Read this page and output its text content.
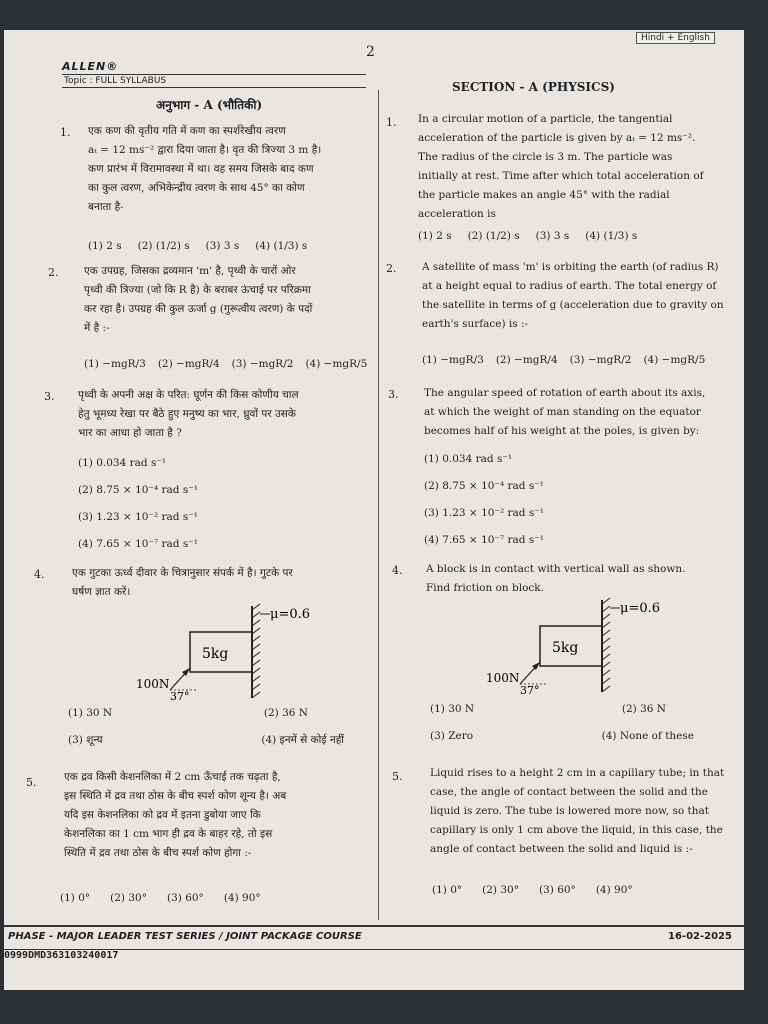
Hindi + English
2
ALLEN®
Topic : FULL SYLLABUS
अनुभाग - A (भौतिकी)
SECTION - A (PHYSICS)
1. एक कण की वृतीय गति में कण का स्पर्शरेखीय त्वरण
aₜ = 12 ms⁻² द्वारा दिया जाता है। वृत की त्रिज्या 3 m है।
कण प्रारंभ में विरामावस्था में था। वह समय जिसके बाद कण
का कुल त्वरण, अभिकेन्द्रीय त्वरण के साथ 45° का कोण
बनाता है-
(1) 2 s (2) (1/2) s (3) 3 s (4) (1/3) s
1. In a circular motion of a particle, the tangential
acceleration of the particle is given by aₜ = 12 ms⁻².
The radius of the circle is 3 m. The particle was
initially at rest. Time after which total acceleration of
the particle makes an angle 45° with the radial
acceleration is
(1) 2 s (2) (1/2) s (3) 3 s (4) (1/3) s
2. एक उपग्रह, जिसका द्रव्यमान 'm' है, पृथ्वी के चारों ओर
पृथ्वी की त्रिज्या (जो कि R है) के बराबर ऊंचाई पर परिक्रमा
कर रहा है। उपग्रह की कुल ऊर्जा g (गुरूत्वीय त्वरण) के पदों
में है :-
(1) −mgR/3 (2) −mgR/4 (3) −mgR/2 (4) −mgR/5
2. A satellite of mass 'm' is orbiting the earth (of radius R)
at a height equal to radius of earth. The total energy of
the satellite in terms of g (acceleration due to gravity on
earth's surface) is :-
(1) −mgR/3 (2) −mgR/4 (3) −mgR/2 (4) −mgR/5
3. पृथ्वी के अपनी अक्ष के परित: घूर्णन की किस कोणीय चाल
हेतु भूमध्य रेखा पर बैठे हुए मनुष्य का भार, ध्रुवों पर उसके
भार का आधा हो जाता है ?
(1) 0.034 rad s⁻¹
(2) 8.75 × 10⁻⁴ rad s⁻¹
(3) 1.23 × 10⁻² rad s⁻¹
(4) 7.65 × 10⁻⁷ rad s⁻¹
3. The angular speed of rotation of earth about its axis,
at which the weight of man standing on the equator
becomes half of his weight at the poles, is given by:
(1) 0.034 rad s⁻¹
(2) 8.75 × 10⁻⁴ rad s⁻¹
(3) 1.23 × 10⁻² rad s⁻¹
(4) 7.65 × 10⁻⁷ rad s⁻¹
4.	एक गुटका ऊर्ध्व दीवार के चित्रानुसार संपर्क में है। गुटके पर
घर्षण ज्ञात करें।
μ=0.6
5kg
100N
37°
(1) 30 N	(2) 36 N
(3) शून्य	(4) इनमें से कोई नहीं
4. A block is in contact with vertical wall as shown.
Find friction on block.
μ=0.6
5kg
100N
37°
(1) 30 N	(2) 36 N
(3) Zero	(4) None of these
5.	एक द्रव किसी केशनलिका में 2 cm ऊँचाई तक चढ़ता है,
इस स्थिति में द्रव तथा ठोस के बीच स्पर्श कोण शून्य है। अब
यदि इस केशनलिका को द्रव में इतना डुबोया जाए कि
केशनलिका का 1 cm भाग ही द्रव के बाहर रहे, तो इस
स्थिति में द्रव तथा ठोस के बीच स्पर्श कोण होगा :-
(1) 0° (2) 30° (3) 60° (4) 90°
5.	Liquid rises to a height 2 cm in a capillary tube; in that
case, the angle of contact between the solid and the
liquid is zero. The tube is lowered more now, so that
capillary is only 1 cm above the liquid, in this case, the
angle of contact between the solid and liquid is :-
(1) 0° (2) 30° (3) 60° (4) 90°
PHASE - MAJOR LEADER TEST SERIES / JOINT PACKAGE COURSE	16-02-2025
0999DMD363103240017
